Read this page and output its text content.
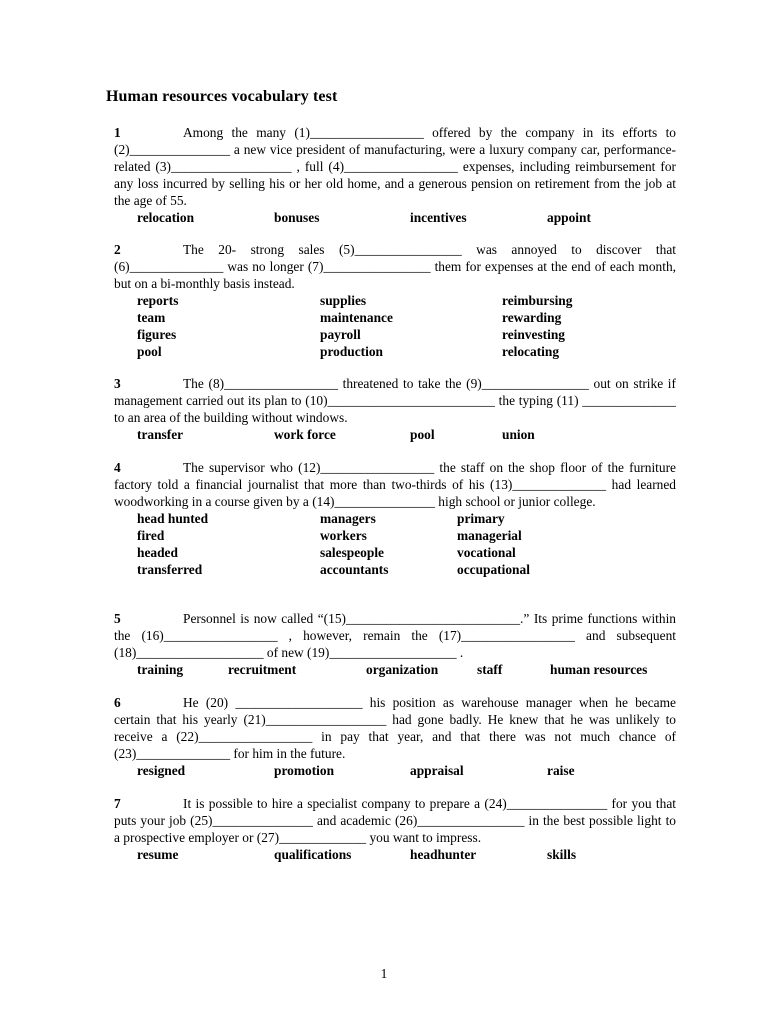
Human resources vocabulary test

1	Among the many (1)_________________ offered by the company in its efforts to (2)_______________ a new vice president of manufacturing, were a luxury company car, performance- related (3)__________________ , full (4)_________________ expenses, including reimbursement for any loss incurred by selling his or her old home, and a generous pension on retirement from the job at the age of 55.

relocation	bonuses	incentives	appoint

2	The 20- strong sales (5)________________ was annoyed to discover that (6)______________ was no longer (7)________________ them for expenses at the end of each month, but on a bi-monthly basis instead.

reports	supplies	reimbursing
team	maintenance	rewarding
figures	payroll	reinvesting
pool	production	relocating

3	The (8)_________________ threatened to take the (9)________________ out on strike if management carried out its plan to (10)_________________________ the typing (11) ______________ to an area of the building without windows.

transfer	work force	pool	union

4	The supervisor who (12)_________________ the staff on the shop floor of the furniture factory told a financial journalist that more than two-thirds of his (13)______________ had learned woodworking in a course given by a (14)_______________ high school or junior college.

head hunted	managers	primary
fired	workers	managerial
headed	salespeople	vocational
transferred	accountants	occupational

5	Personnel is now called “(15)__________________________.” Its prime functions within the (16)_________________ , however, remain the (17)_________________ and subsequent (18)___________________ of new (19)___________________ .

training	recruitment	organization	staff	human resources

6	He (20) ___________________ his position as warehouse manager when he became certain that his yearly (21)__________________ had gone badly. He knew that he was unlikely to receive a (22)_________________ in pay that year, and that there was not much chance of (23)______________ for him in the future.

resigned	promotion	appraisal	raise

7	It is possible to hire a specialist company to prepare a (24)_______________ for you that puts your job (25)_______________ and academic (26)________________ in the best possible light to a prospective employer or (27)_____________ you want to impress.

resume	qualifications	headhunter	skills
1
